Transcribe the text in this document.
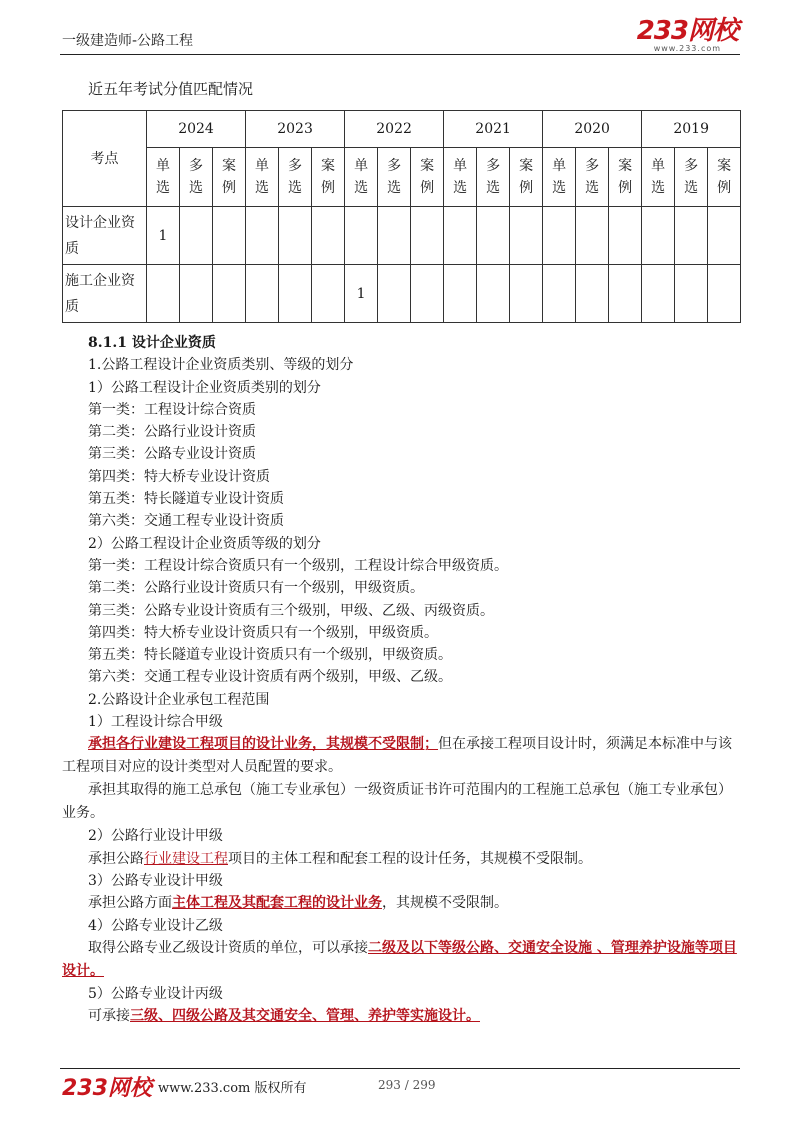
一级建造师-公路工程	233网校
www.233.com
近五年考试分值匹配情况
考点	2024			2023			2022			2021			2020			2019		
	单选	多选	案例	单选	多选	案例	单选	多选	案例	单选	多选	案例	单选	多选	案例	单选	多选	案例
设计企业资质	1																	
施工企业资质							1											
8.1.1 设计企业资质
1.公路工程设计企业资质类别、等级的划分
1）公路工程设计企业资质类别的划分
第一类：工程设计综合资质
第二类：公路行业设计资质
第三类：公路专业设计资质
第四类：特大桥专业设计资质
第五类：特长隧道专业设计资质
第六类：交通工程专业设计资质
2）公路工程设计企业资质等级的划分
第一类：工程设计综合资质只有一个级别，工程设计综合甲级资质。
第二类：公路行业设计资质只有一个级别，甲级资质。
第三类：公路专业设计资质有三个级别，甲级、乙级、丙级资质。
第四类：特大桥专业设计资质只有一个级别，甲级资质。
第五类：特长隧道专业设计资质只有一个级别，甲级资质。
第六类：交通工程专业设计资质有两个级别，甲级、乙级。
2.公路设计企业承包工程范围
1）工程设计综合甲级
承担各行业建设工程项目的设计业务，其规模不受限制；但在承接工程项目设计时，须满足本标准中与该工程项目对应的设计类型对人员配置的要求。
承担其取得的施工总承包（施工专业承包）一级资质证书许可范围内的工程施工总承包（施工专业承包）业务。
2）公路行业设计甲级
承担公路行业建设工程项目的主体工程和配套工程的设计任务，其规模不受限制。
3）公路专业设计甲级
承担公路方面主体工程及其配套工程的设计业务，其规模不受限制。
4）公路专业设计乙级
取得公路专业乙级设计资质的单位，可以承接二级及以下等级公路、交通安全设施 、管理养护设施等项目设计。
5）公路专业设计丙级
可承接三级、四级公路及其交通安全、管理、养护等实施设计。
233网校 www.233.com 版权所有	293 / 299
